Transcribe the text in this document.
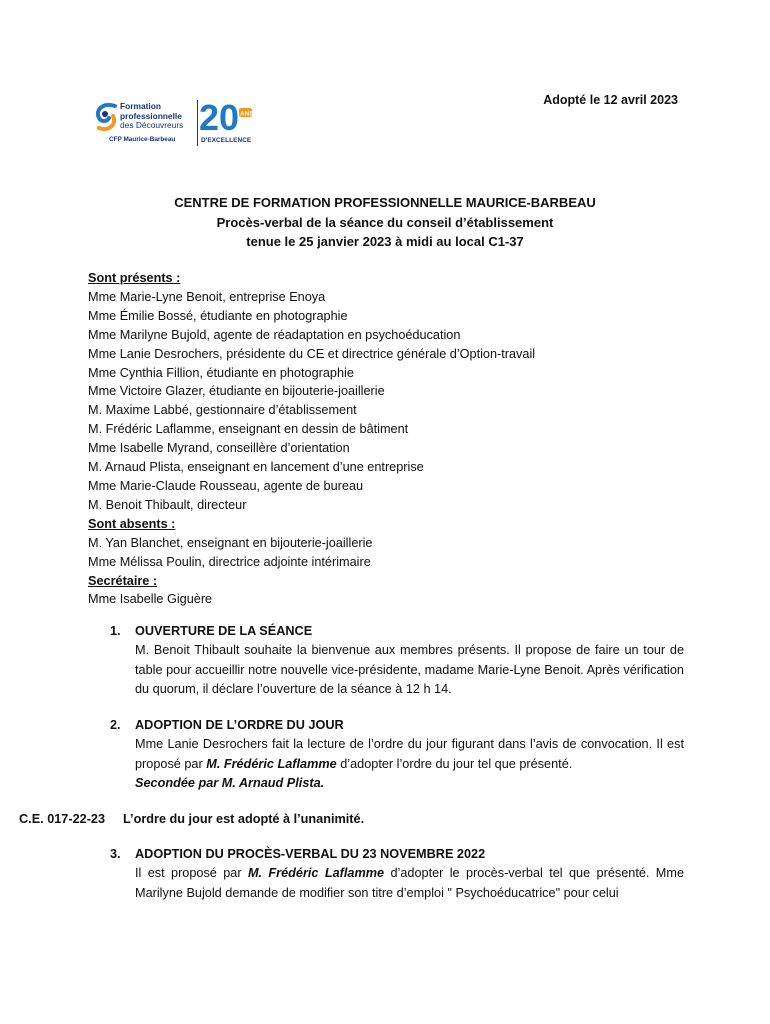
Adopté le 12 avril 2023
Formation
professionnelle
des Découvreurs
CFP Maurice-Barbeau
20 ANS
D'EXCELLENCE
CENTRE DE FORMATION PROFESSIONNELLE MAURICE-BARBEAU
Procès-verbal de la séance du conseil d’établissement
tenue le 25 janvier 2023 à midi au local C1-37
Sont présents :
Mme Marie-Lyne Benoit, entreprise Enoya
Mme Émilie Bossé, étudiante en photographie
Mme Marilyne Bujold, agente de réadaptation en psychoéducation
Mme Lanie Desrochers, présidente du CE et directrice générale d’Option-travail
Mme Cynthia Fillion, étudiante en photographie
Mme Victoire Glazer, étudiante en bijouterie-joaillerie
M. Maxime Labbé, gestionnaire d’établissement
M. Frédéric Laflamme, enseignant en dessin de bâtiment
Mme Isabelle Myrand, conseillère d’orientation
M. Arnaud Plista, enseignant en lancement d’une entreprise
Mme Marie-Claude Rousseau, agente de bureau
M. Benoit Thibault, directeur
Sont absents :
M. Yan Blanchet, enseignant en bijouterie-joaillerie
Mme Mélissa Poulin, directrice adjointe intérimaire
Secrétaire :
Mme Isabelle Giguère
1.	OUVERTURE DE LA SÉANCE
M. Benoit Thibault souhaite la bienvenue aux membres présents. Il propose de faire un tour de table pour accueillir notre nouvelle vice-présidente, madame Marie-Lyne Benoit. Après vérification du quorum, il déclare l’ouverture de la séance à 12 h 14.
2.	ADOPTION DE L’ORDRE DU JOUR
Mme Lanie Desrochers fait la lecture de l’ordre du jour figurant dans l’avis de convocation. Il est proposé par M. Frédéric Laflamme d’adopter l’ordre du jour tel que présenté.
Secondée par M. Arnaud Plista.
C.E. 017-22-23 L’ordre du jour est adopté à l’unanimité.
3.	ADOPTION DU PROCÈS-VERBAL DU 23 NOVEMBRE 2022
Il est proposé par M. Frédéric Laflamme d’adopter le procès-verbal tel que présenté. Mme Marilyne Bujold demande de modifier son titre d’emploi " Psychoéducatrice" pour celui
